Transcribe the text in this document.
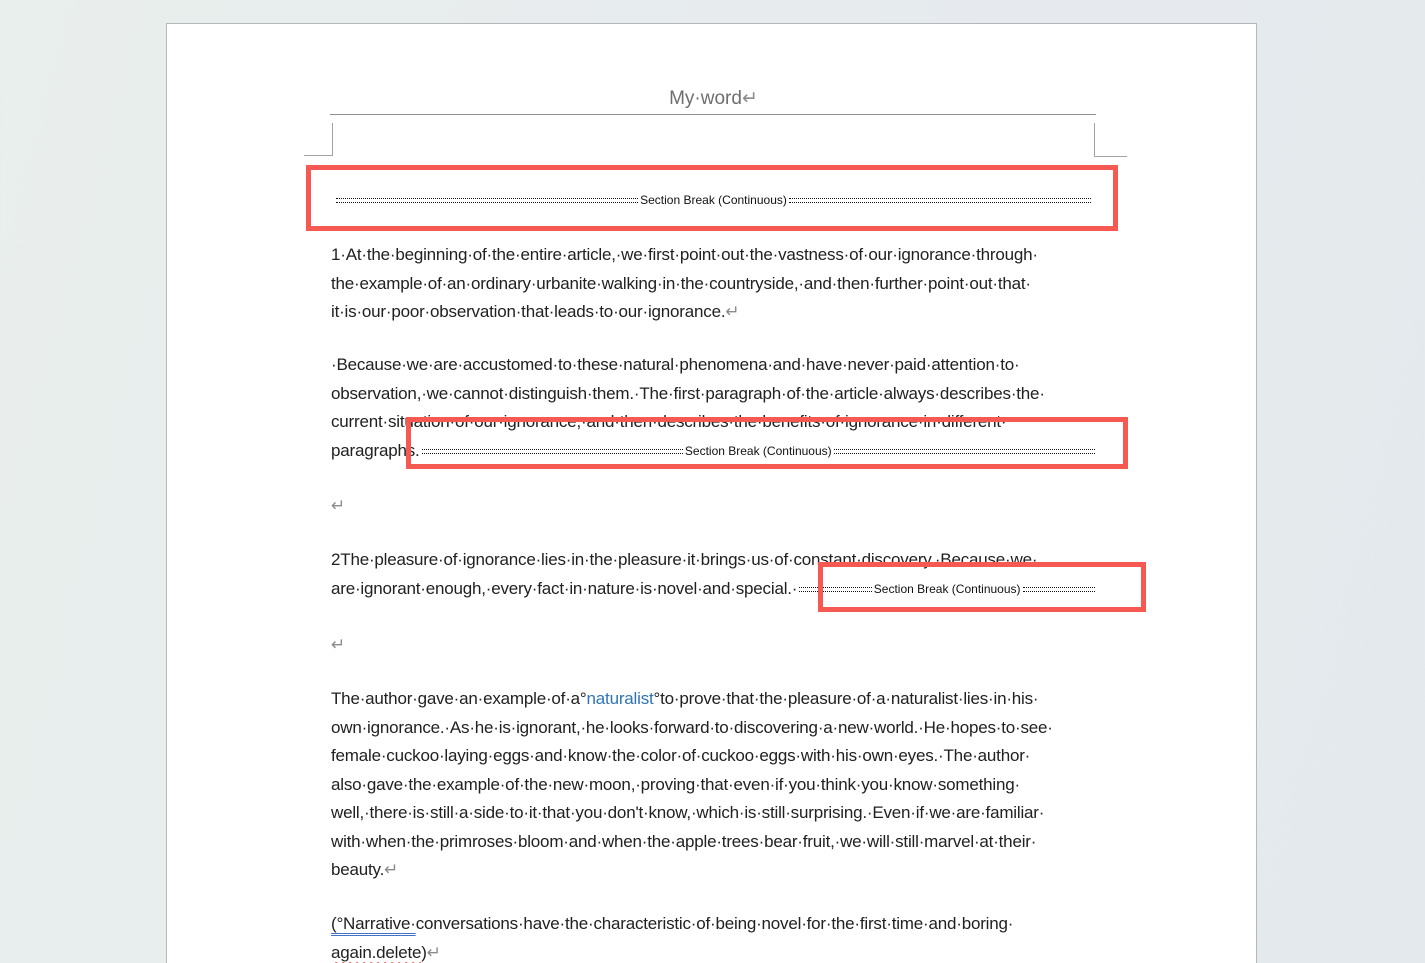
My·word↵
Section Break (Continuous)
1·At·the·beginning·of·the·entire·article,·we·first·point·out·the·vastness·of·our·ignorance·through·
the·example·of·an·ordinary·urbanite·walking·in·the·countryside,·and·then·further·point·out·that·
it·is·our·poor·observation·that·leads·to·our·ignorance.↵
·Because·we·are·accustomed·to·these·natural·phenomena·and·have·never·paid·attention·to·
observation,·we·cannot·distinguish·them.·The·first·paragraph·of·the·article·always·describes·the·
current·situation·of·our·ignorance,·and·then·describes·the·benefits·of·ignorance·in·different·
paragraphs.	Section Break (Continuous)
↵
2The·pleasure·of·ignorance·lies·in·the·pleasure·it·brings·us·of·constant·discovery.·Because·we·
are·ignorant·enough,·every·fact·in·nature·is·novel·and·special.·	Section Break (Continuous)
↵
The·author·gave·an·example·of·a°naturalist°to·prove·that·the·pleasure·of·a·naturalist·lies·in·his·
own·ignorance.·As·he·is·ignorant,·he·looks·forward·to·discovering·a·new·world.·He·hopes·to·see·
female·cuckoo·laying·eggs·and·know·the·color·of·cuckoo·eggs·with·his·own·eyes.·The·author·
also·gave·the·example·of·the·new·moon,·proving·that·even·if·you·think·you·know·something·
well,·there·is·still·a·side·to·it·that·you·don't·know,·which·is·still·surprising.·Even·if·we·are·familiar·
with·when·the·primroses·bloom·and·when·the·apple·trees·bear·fruit,·we·will·still·marvel·at·their·
beauty.↵
(°Narrative·conversations·have·the·characteristic·of·being·novel·for·the·first·time·and·boring·
again.delete)↵
